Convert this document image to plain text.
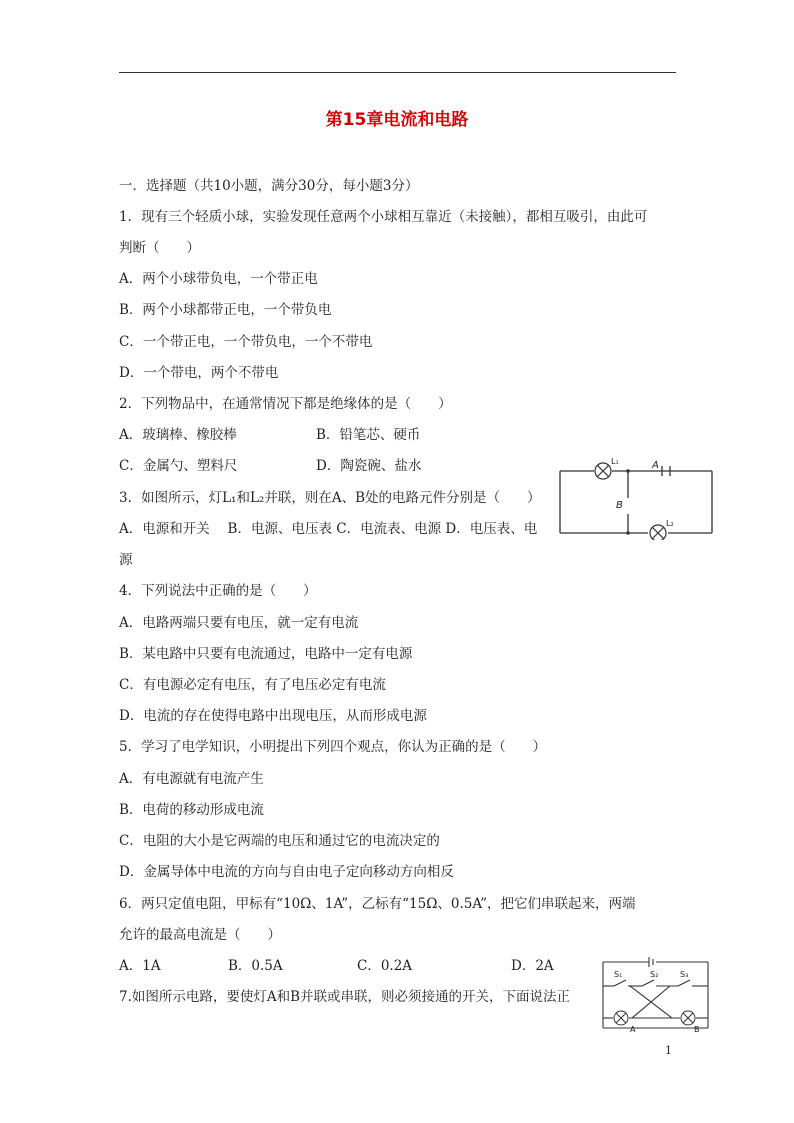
第15章电流和电路
一．选择题（共10小题，满分30分，每小题3分）
1．现有三个轻质小球，实验发现任意两个小球相互靠近（未接触），都相互吸引，由此可
判断（　　）
A．两个小球带负电，一个带正电
B．两个小球都带正电，一个带负电
C．一个带正电，一个带负电，一个不带电
D．一个带电，两个不带电
2．下列物品中，在通常情况下都是绝缘体的是（　　）
A．玻璃棒、橡胶棒	B．铅笔芯、硬币
C．金属勺、塑料尺	D．陶瓷碗、盐水
3．如图所示，灯L₁和L₂并联，则在A、B处的电路元件分别是（　　）
A．电源和开关　 B．电源、电压表 C．电流表、电源 D．电压表、电
源
L₁
L₂
A
B
4．下列说法中正确的是（　　）
A．电路两端只要有电压，就一定有电流
B．某电路中只要有电流通过，电路中一定有电源
C．有电源必定有电压，有了电压必定有电流
D．电流的存在使得电路中出现电压，从而形成电源
5．学习了电学知识，小明提出下列四个观点，你认为正确的是（　　）
A．有电源就有电流产生
B．电荷的移动形成电流
C．电阻的大小是它两端的电压和通过它的电流决定的
D．金属导体中电流的方向与自由电子定向移动方向相反
6．两只定值电阻，甲标有“10Ω、1A”，乙标有“15Ω、0.5A”，把它们串联起来，两端
允许的最高电流是（　　）
A．1A	B．0.5A	C．0.2A	D．2A
7.如图所示电路，要使灯A和B并联或串联，则必须接通的开关，下面说法正
S₁	S₂	S₃
A	B
1
